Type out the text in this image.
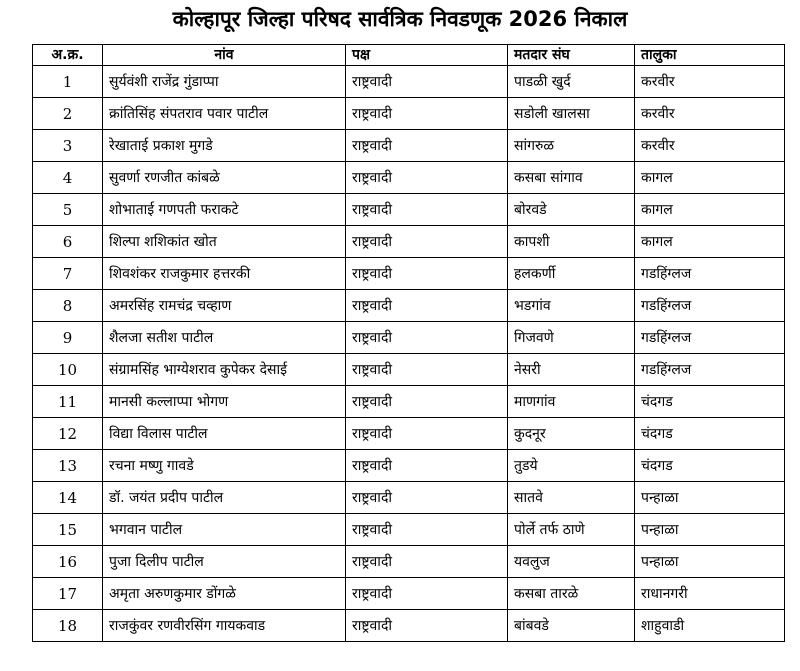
कोल्हापूर जिल्हा परिषद सार्वत्रिक निवडणूक 2026 निकाल
अ.क्र.	नांव	पक्ष	मतदार संघ	तालुका
1	सुर्यवंशी राजेंद्र गुंडाप्पा	राष्ट्रवादी	पाडळी खुर्द	करवीर
2	क्रांतिसिंह संपतराव पवार पाटील	राष्ट्रवादी	सडोली खालसा	करवीर
3	रेखाताई प्रकाश मुगडे	राष्ट्रवादी	सांगरुळ	करवीर
4	सुवर्णा रणजीत कांबळे	राष्ट्रवादी	कसबा सांगाव	कागल
5	शोभाताई गणपती फराकटे	राष्ट्रवादी	बोरवडे	कागल
6	शिल्पा शशिकांत खोत	राष्ट्रवादी	कापशी	कागल
7	शिवशंकर राजकुमार हत्तरकी	राष्ट्रवादी	हलकर्णी	गडहिंग्लज
8	अमरसिंह रामचंद्र चव्हाण	राष्ट्रवादी	भडगांव	गडहिंग्लज
9	शैलजा सतीश पाटील	राष्ट्रवादी	गिजवणे	गडहिंग्लज
10	संग्रामसिंह भाग्येशराव कुपेकर देसाई	राष्ट्रवादी	नेसरी	गडहिंग्लज
11	मानसी कल्लाप्पा भोगण	राष्ट्रवादी	माणगांव	चंदगड
12	विद्या विलास पाटील	राष्ट्रवादी	कुदनूर	चंदगड
13	रचना मष्णु गावडे	राष्ट्रवादी	तुडये	चंदगड
14	डॉ. जयंत प्रदीप पाटील	राष्ट्रवादी	सातवे	पन्हाळा
15	भगवान पाटील	राष्ट्रवादी	पोर्ले तर्फ ठाणे	पन्हाळा
16	पुजा दिलीप पाटील	राष्ट्रवादी	यवलुज	पन्हाळा
17	अमृता अरुणकुमार डोंगळे	राष्ट्रवादी	कसबा तारळे	राधानगरी
18	राजकुंवर रणवीरसिंग गायकवाड	राष्ट्रवादी	बांबवडे	शाहुवाडी
